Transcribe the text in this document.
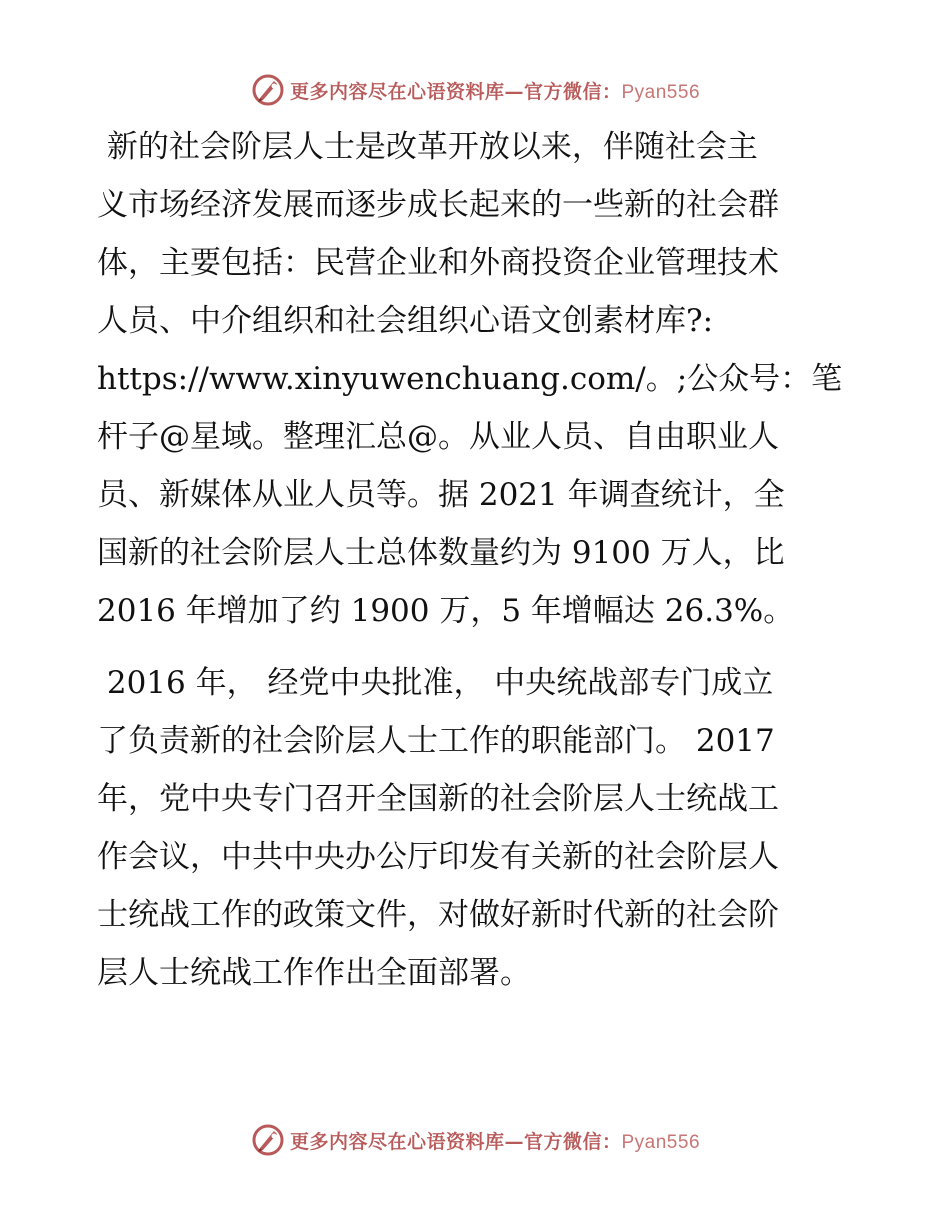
更多内容尽在心语资料库—官方微信：Pyan556
新的社会阶层人士是改革开放以来，伴随社会主
义市场经济发展而逐步成长起来的一些新的社会群
体，主要包括：民营企业和外商投资企业管理技术
人员、中介组织和社会组织心语文创素材库?:
https://www.xinyuwenchuang.com/。;公众号：笔
杆子@星域。整理汇总@。从业人员、自由职业人
员、新媒体从业人员等。据 2021 年调查统计，全
国新的社会阶层人士总体数量约为 9100 万人，比
2016 年增加了约 1900 万，5 年增幅达 26.3%。
2016 年， 经党中央批准， 中央统战部专门成立
了负责新的社会阶层人士工作的职能部门。 2017
年，党中央专门召开全国新的社会阶层人士统战工
作会议，中共中央办公厅印发有关新的社会阶层人
士统战工作的政策文件，对做好新时代新的社会阶
层人士统战工作作出全面部署。
更多内容尽在心语资料库—官方微信：Pyan556
